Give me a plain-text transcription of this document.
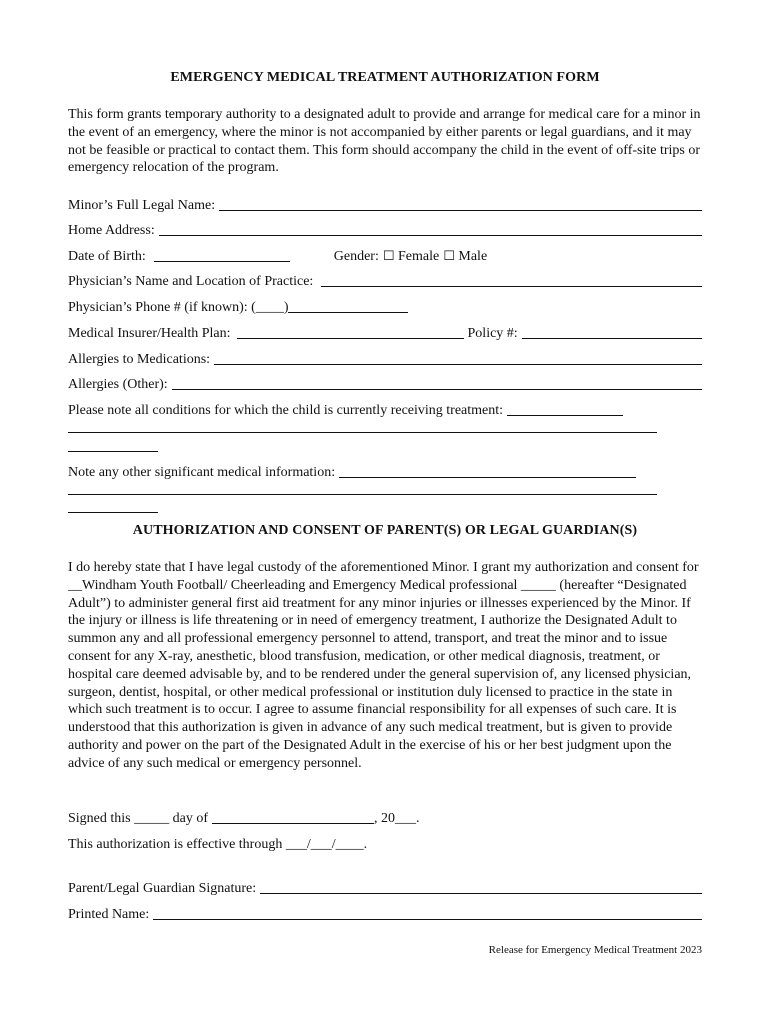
EMERGENCY MEDICAL TREATMENT AUTHORIZATION FORM
This form grants temporary authority to a designated adult to provide and arrange for medical care for a minor in the event of an emergency, where the minor is not accompanied by either parents or legal guardians, and it may not be feasible or practical to contact them. This form should accompany the child in the event of off-site trips or emergency relocation of the program.
Minor’s Full Legal Name:
Home Address:
Date of Birth:	Gender: ☐ Female ☐ Male
Physician’s Name and Location of Practice:
Physician’s Phone # (if known): (____)
Medical Insurer/Health Plan:	Policy #:
Allergies to Medications:
Allergies (Other):
Please note all conditions for which the child is currently receiving treatment:
Note any other significant medical information:
AUTHORIZATION AND CONSENT OF PARENT(S) OR LEGAL GUARDIAN(S)
I do hereby state that I have legal custody of the aforementioned Minor. I grant my authorization and consent for __Windham Youth Football/ Cheerleading and Emergency Medical professional _____ (hereafter “Designated Adult”) to administer general first aid treatment for any minor injuries or illnesses experienced by the Minor. If the injury or illness is life threatening or in need of emergency treatment, I authorize the Designated Adult to summon any and all professional emergency personnel to attend, transport, and treat the minor and to issue consent for any X-ray, anesthetic, blood transfusion, medication, or other medical diagnosis, treatment, or hospital care deemed advisable by, and to be rendered under the general supervision of, any licensed physician, surgeon, dentist, hospital, or other medical professional or institution duly licensed to practice in the state in which such treatment is to occur. I agree to assume financial responsibility for all expenses of such care. It is understood that this authorization is given in advance of any such medical treatment, but is given to provide authority and power on the part of the Designated Adult in the exercise of his or her best judgment upon the advice of any such medical or emergency personnel.
Signed this _____ day of	, 20___.
This authorization is effective through ___/___/____.
Parent/Legal Guardian Signature:
Printed Name:
Release for Emergency Medical Treatment 2023
